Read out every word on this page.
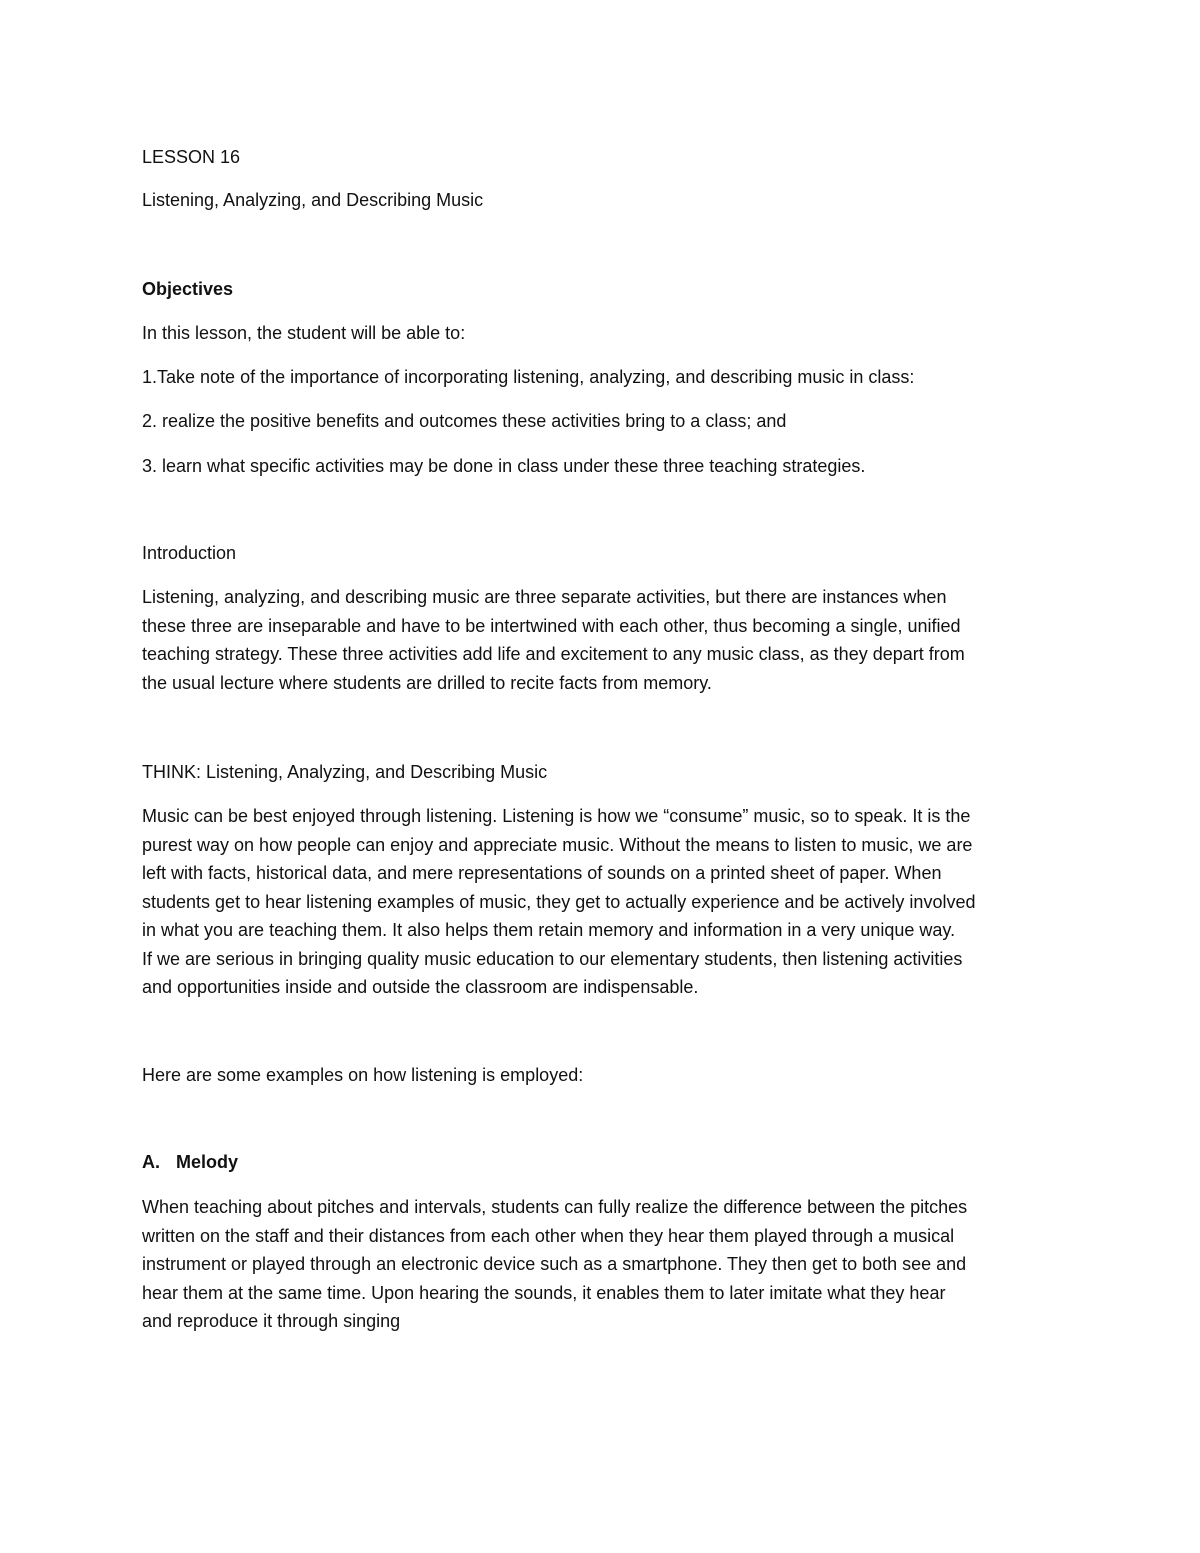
LESSON 16

Listening, Analyzing, and Describing Music

Objectives

In this lesson, the student will be able to:

1.Take note of the importance of incorporating listening, analyzing, and describing music in class:

2. realize the positive benefits and outcomes these activities bring to a class; and

3. learn what specific activities may be done in class under these three teaching strategies.

Introduction

Listening, analyzing, and describing music are three separate activities, but there are instances when
these three are inseparable and have to be intertwined with each other, thus becoming a single, unified
teaching strategy. These three activities add life and excitement to any music class, as they depart from
the usual lecture where students are drilled to recite facts from memory.

THINK: Listening, Analyzing, and Describing Music

Music can be best enjoyed through listening. Listening is how we “consume” music, so to speak. It is the
purest way on how people can enjoy and appreciate music. Without the means to listen to music, we are
left with facts, historical data, and mere representations of sounds on a printed sheet of paper. When
students get to hear listening examples of music, they get to actually experience and be actively involved
in what you are teaching them. It also helps them retain memory and information in a very unique way.
If we are serious in bringing quality music education to our elementary students, then listening activities
and opportunities inside and outside the classroom are indispensable.

Here are some examples on how listening is employed:

A. Melody

When teaching about pitches and intervals, students can fully realize the difference between the pitches
written on the staff and their distances from each other when they hear them played through a musical
instrument or played through an electronic device such as a smartphone. They then get to both see and
hear them at the same time. Upon hearing the sounds, it enables them to later imitate what they hear
and reproduce it through singing
